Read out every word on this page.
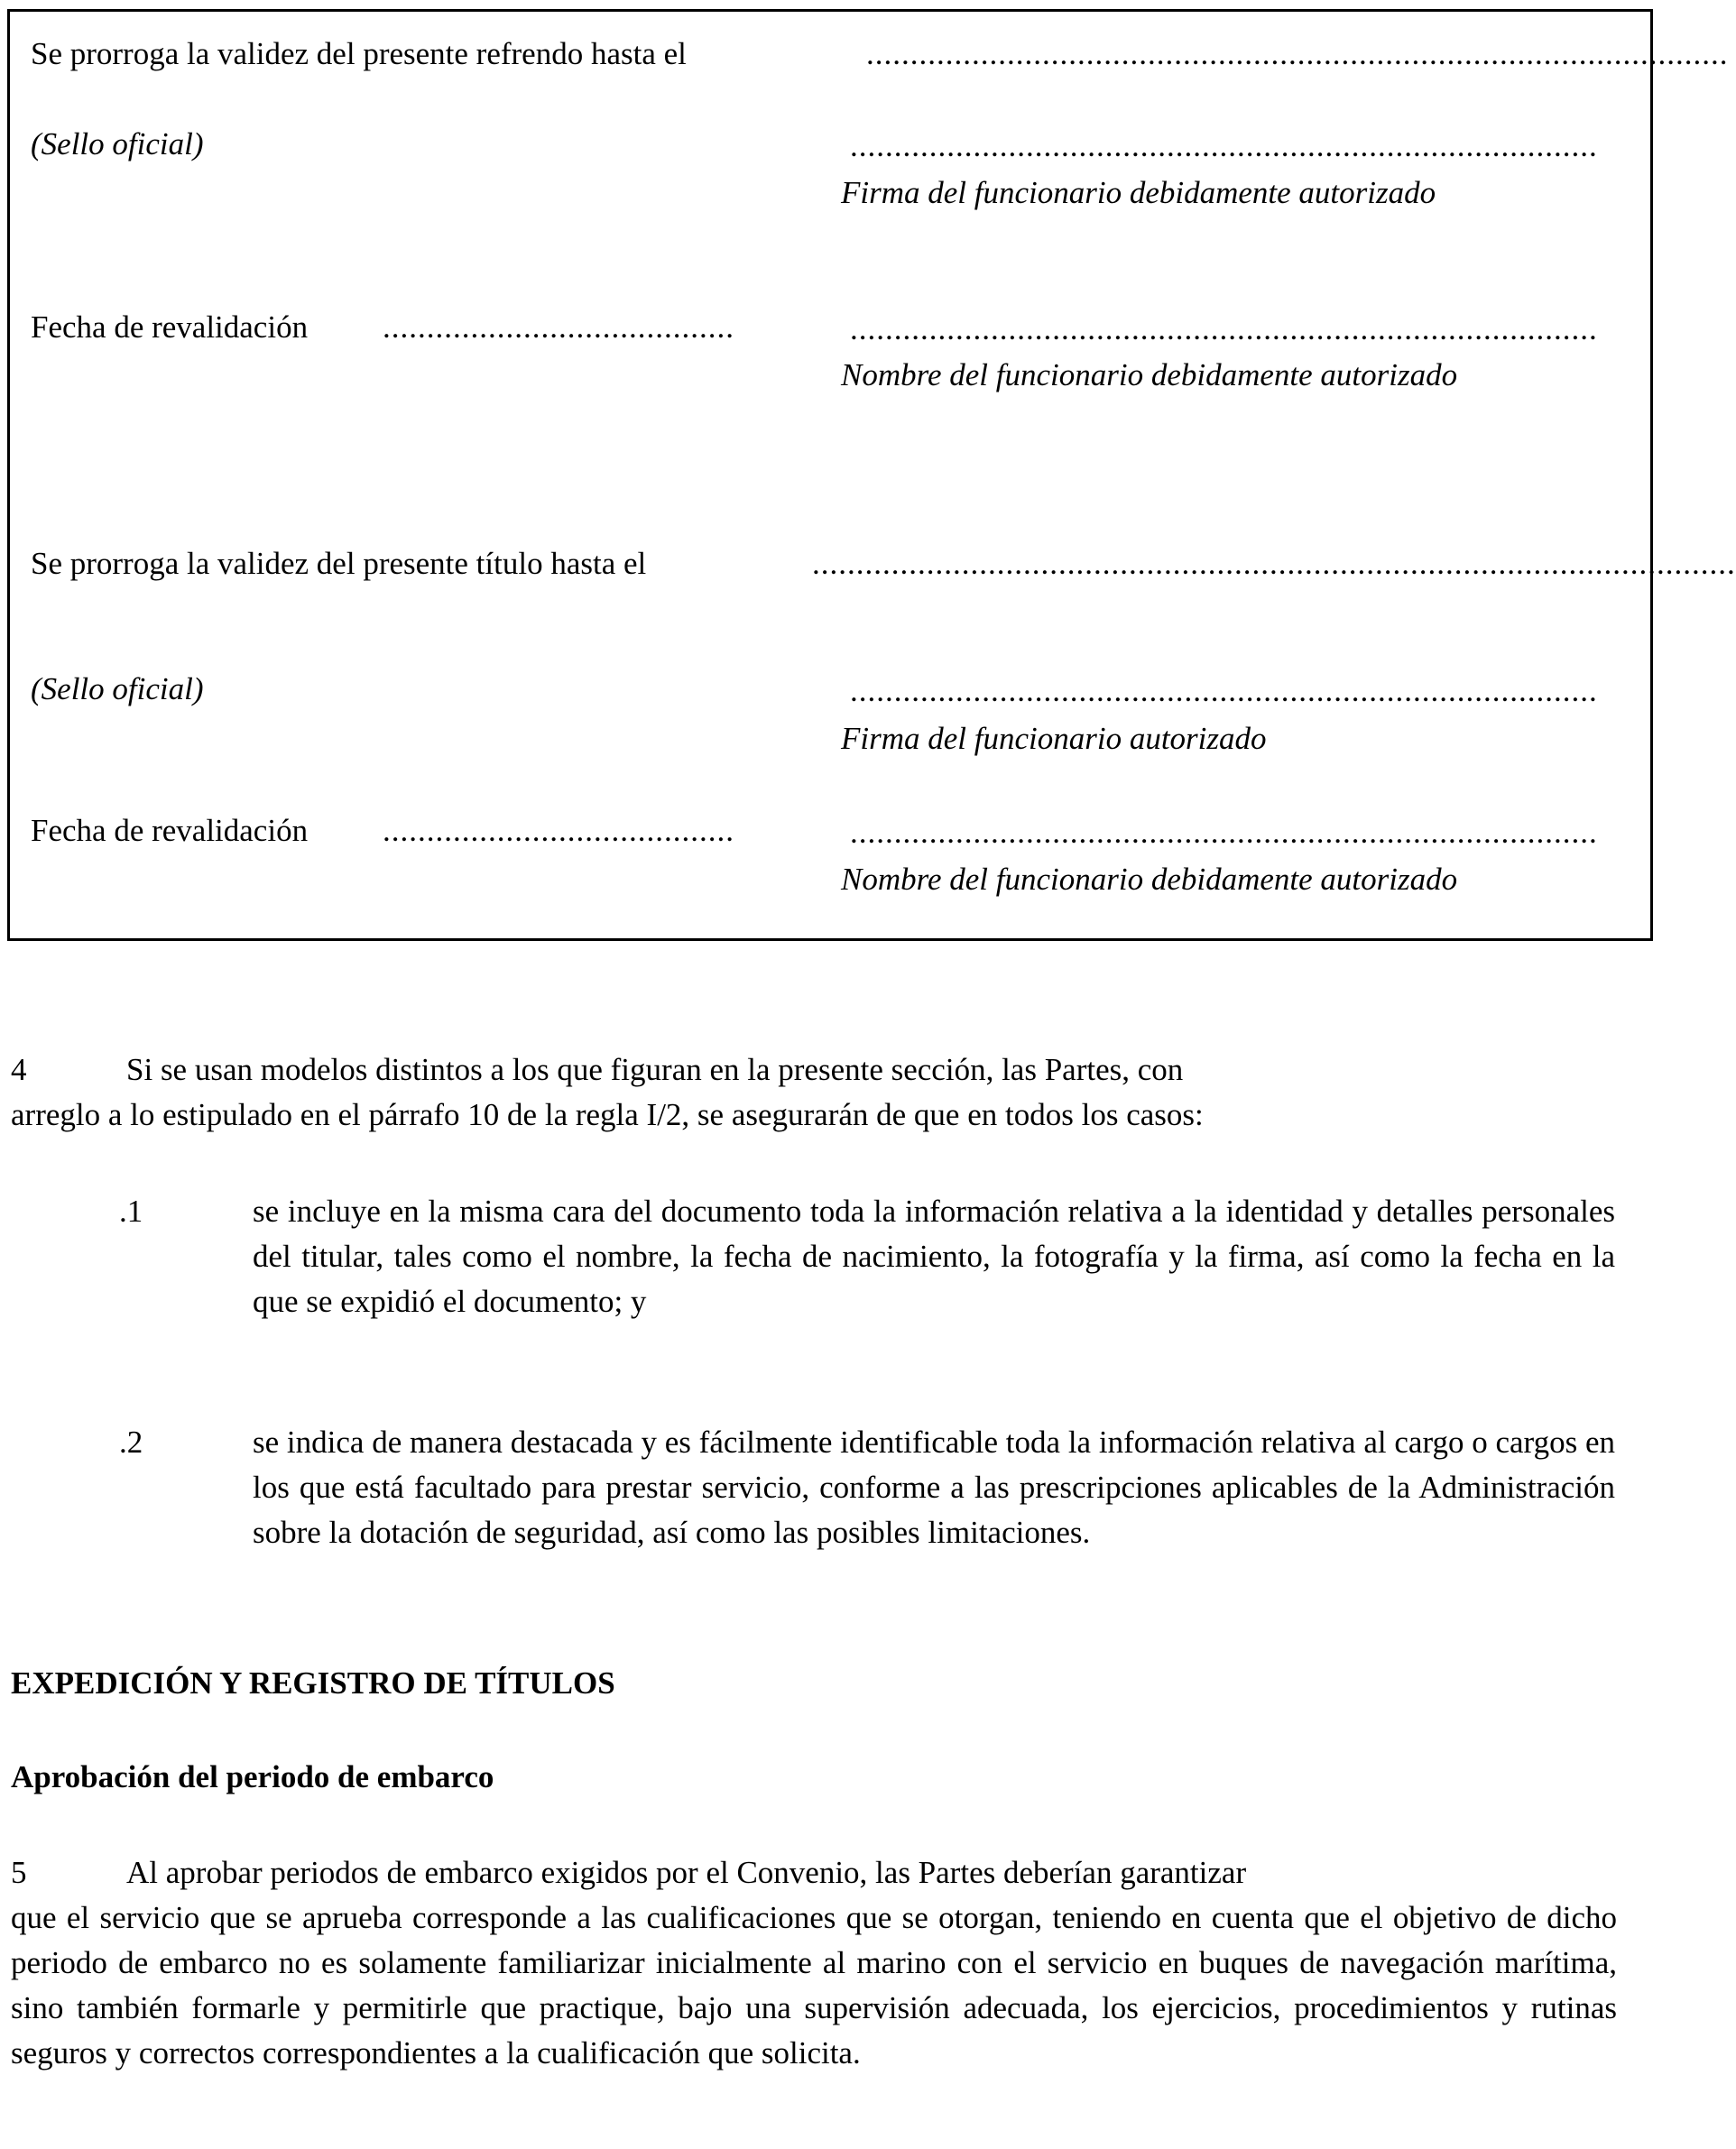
Se prorroga la validez del presente refrendo hasta el	..................................................................................................
(Sello oficial)	.....................................................................................
Firma del funcionario debidamente autorizado
Fecha de revalidación ........................................	.....................................................................................
Nombre del funcionario debidamente autorizado
Se prorroga la validez del presente título hasta el	.........................................................................................................
(Sello oficial)	.....................................................................................
Firma del funcionario autorizado
Fecha de revalidación ........................................	.....................................................................................
Nombre del funcionario debidamente autorizado
4	Si se usan modelos distintos a los que figuran en la presente sección, las Partes, con
arreglo a lo estipulado en el párrafo 10 de la regla I/2, se asegurarán de que en todos los casos:
.1	se incluye en la misma cara del documento toda la información relativa a la identidad y detalles personales del titular, tales como el nombre, la fecha de nacimiento, la fotografía y la firma, así como la fecha en la que se expidió el documento; y
.2	se indica de manera destacada y es fácilmente identificable toda la información relativa al cargo o cargos en los que está facultado para prestar servicio, conforme a las prescripciones aplicables de la Administración sobre la dotación de seguridad, así como las posibles limitaciones.
EXPEDICIÓN Y REGISTRO DE TÍTULOS
Aprobación del periodo de embarco
5	Al aprobar periodos de embarco exigidos por el Convenio, las Partes deberían garantizar
que el servicio que se aprueba corresponde a las cualificaciones que se otorgan, teniendo en cuenta que el objetivo de dicho periodo de embarco no es solamente familiarizar inicialmente al marino con el servicio en buques de navegación marítima, sino también formarle y permitirle que practique, bajo una supervisión adecuada, los ejercicios, procedimientos y rutinas seguros y correctos correspondientes a la cualificación que solicita.
